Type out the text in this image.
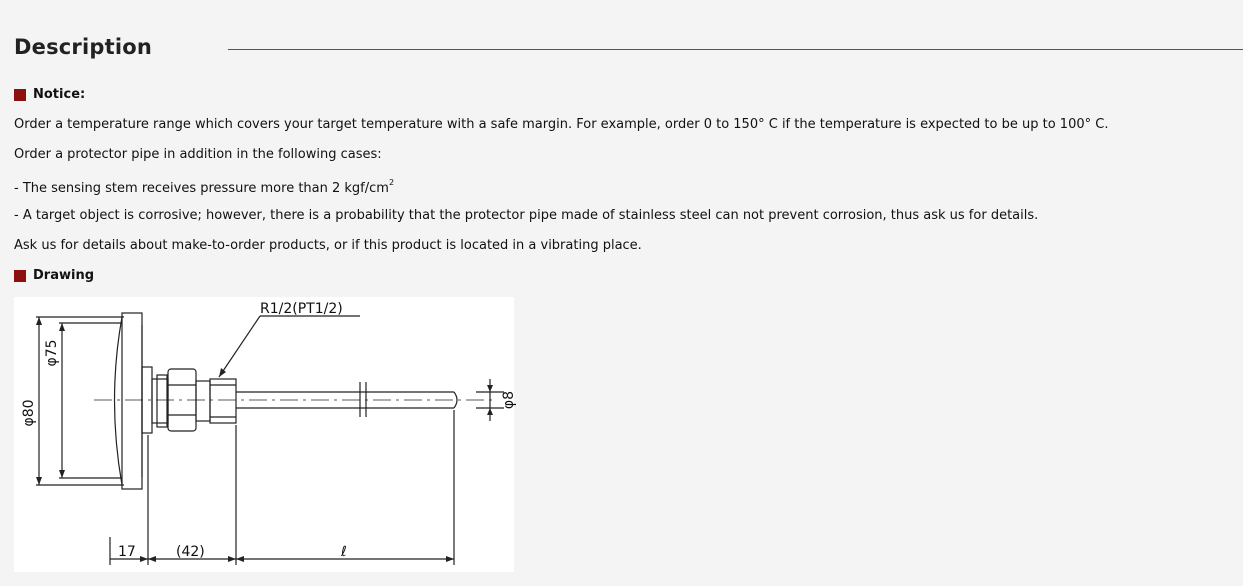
Description
Notice:

Order a temperature range which covers your target temperature with a safe margin. For example, order 0 to 150° C if the temperature is expected to be up to 100° C.

Order a protector pipe in addition in the following cases:

- The sensing stem receives pressure more than 2 kgf/$cm^2$

- A target object is corrosive; however, there is a probability that the protector pipe made of stainless steel can not prevent corrosion, thus ask us for details.

Ask us for details about make-to-order products, or if this product is located in a vibrating place.

Drawing
R1/2(PT1/2)
φ80
φ75
φ8
17	(42)	ℓ
